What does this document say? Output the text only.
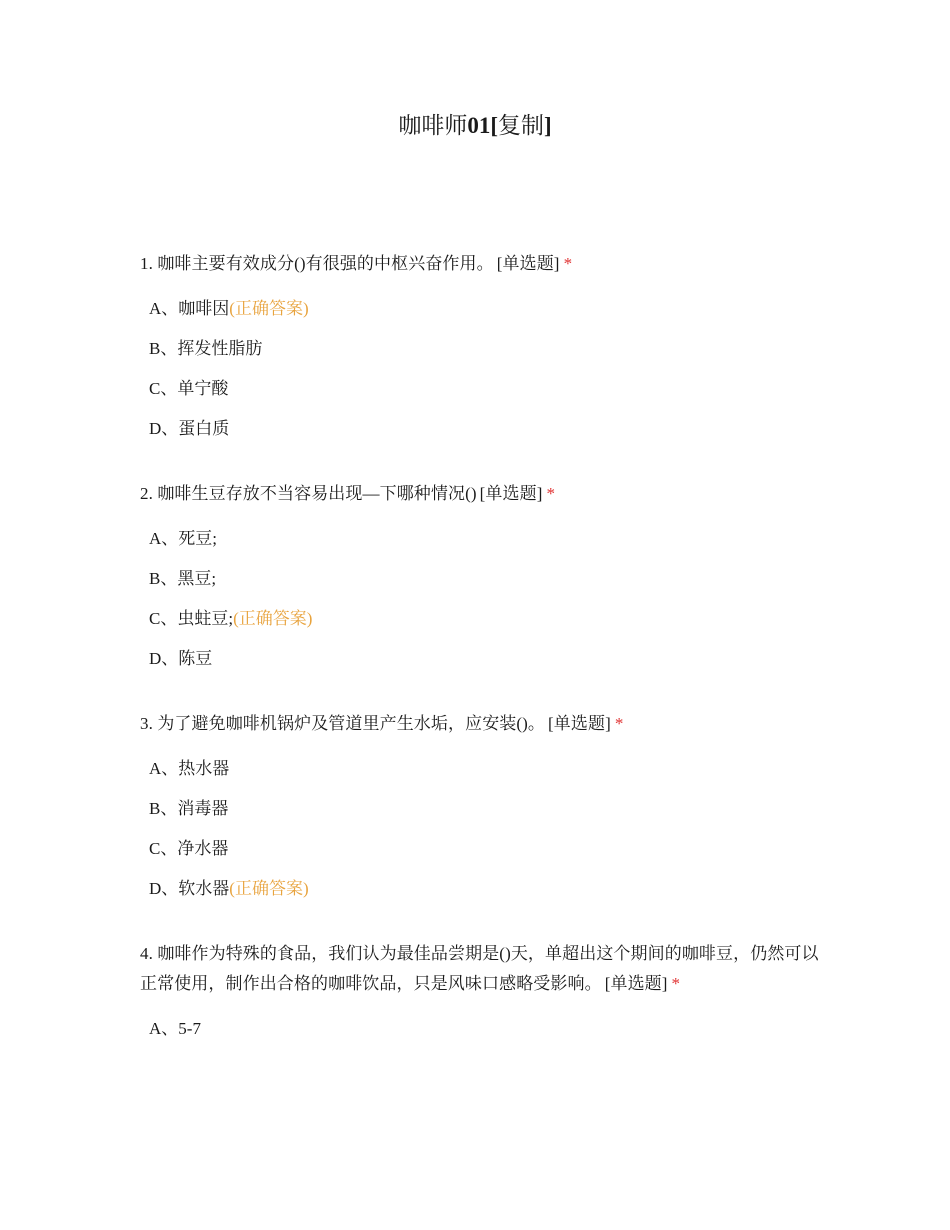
咖啡师01[复制]
1. 咖啡主要有效成分()有很强的中枢兴奋作用。 [单选题] *
A、咖啡因(正确答案)
B、挥发性脂肪
C、单宁酸
D、蛋白质
2. 咖啡生豆存放不当容易出现—下哪种情况() [单选题] *
A、死豆;
B、黑豆;
C、虫蛀豆;(正确答案)
D、陈豆
3. 为了避免咖啡机锅炉及管道里产生水垢，应安装()。 [单选题] *
A、热水器
B、消毒器
C、净水器
D、软水器(正确答案)
4. 咖啡作为特殊的食品，我们认为最佳品尝期是()天，单超出这个期间的咖啡豆，仍然可以正常使用，制作出合格的咖啡饮品，只是风味口感略受影响。 [单选题] *
A、5-7
